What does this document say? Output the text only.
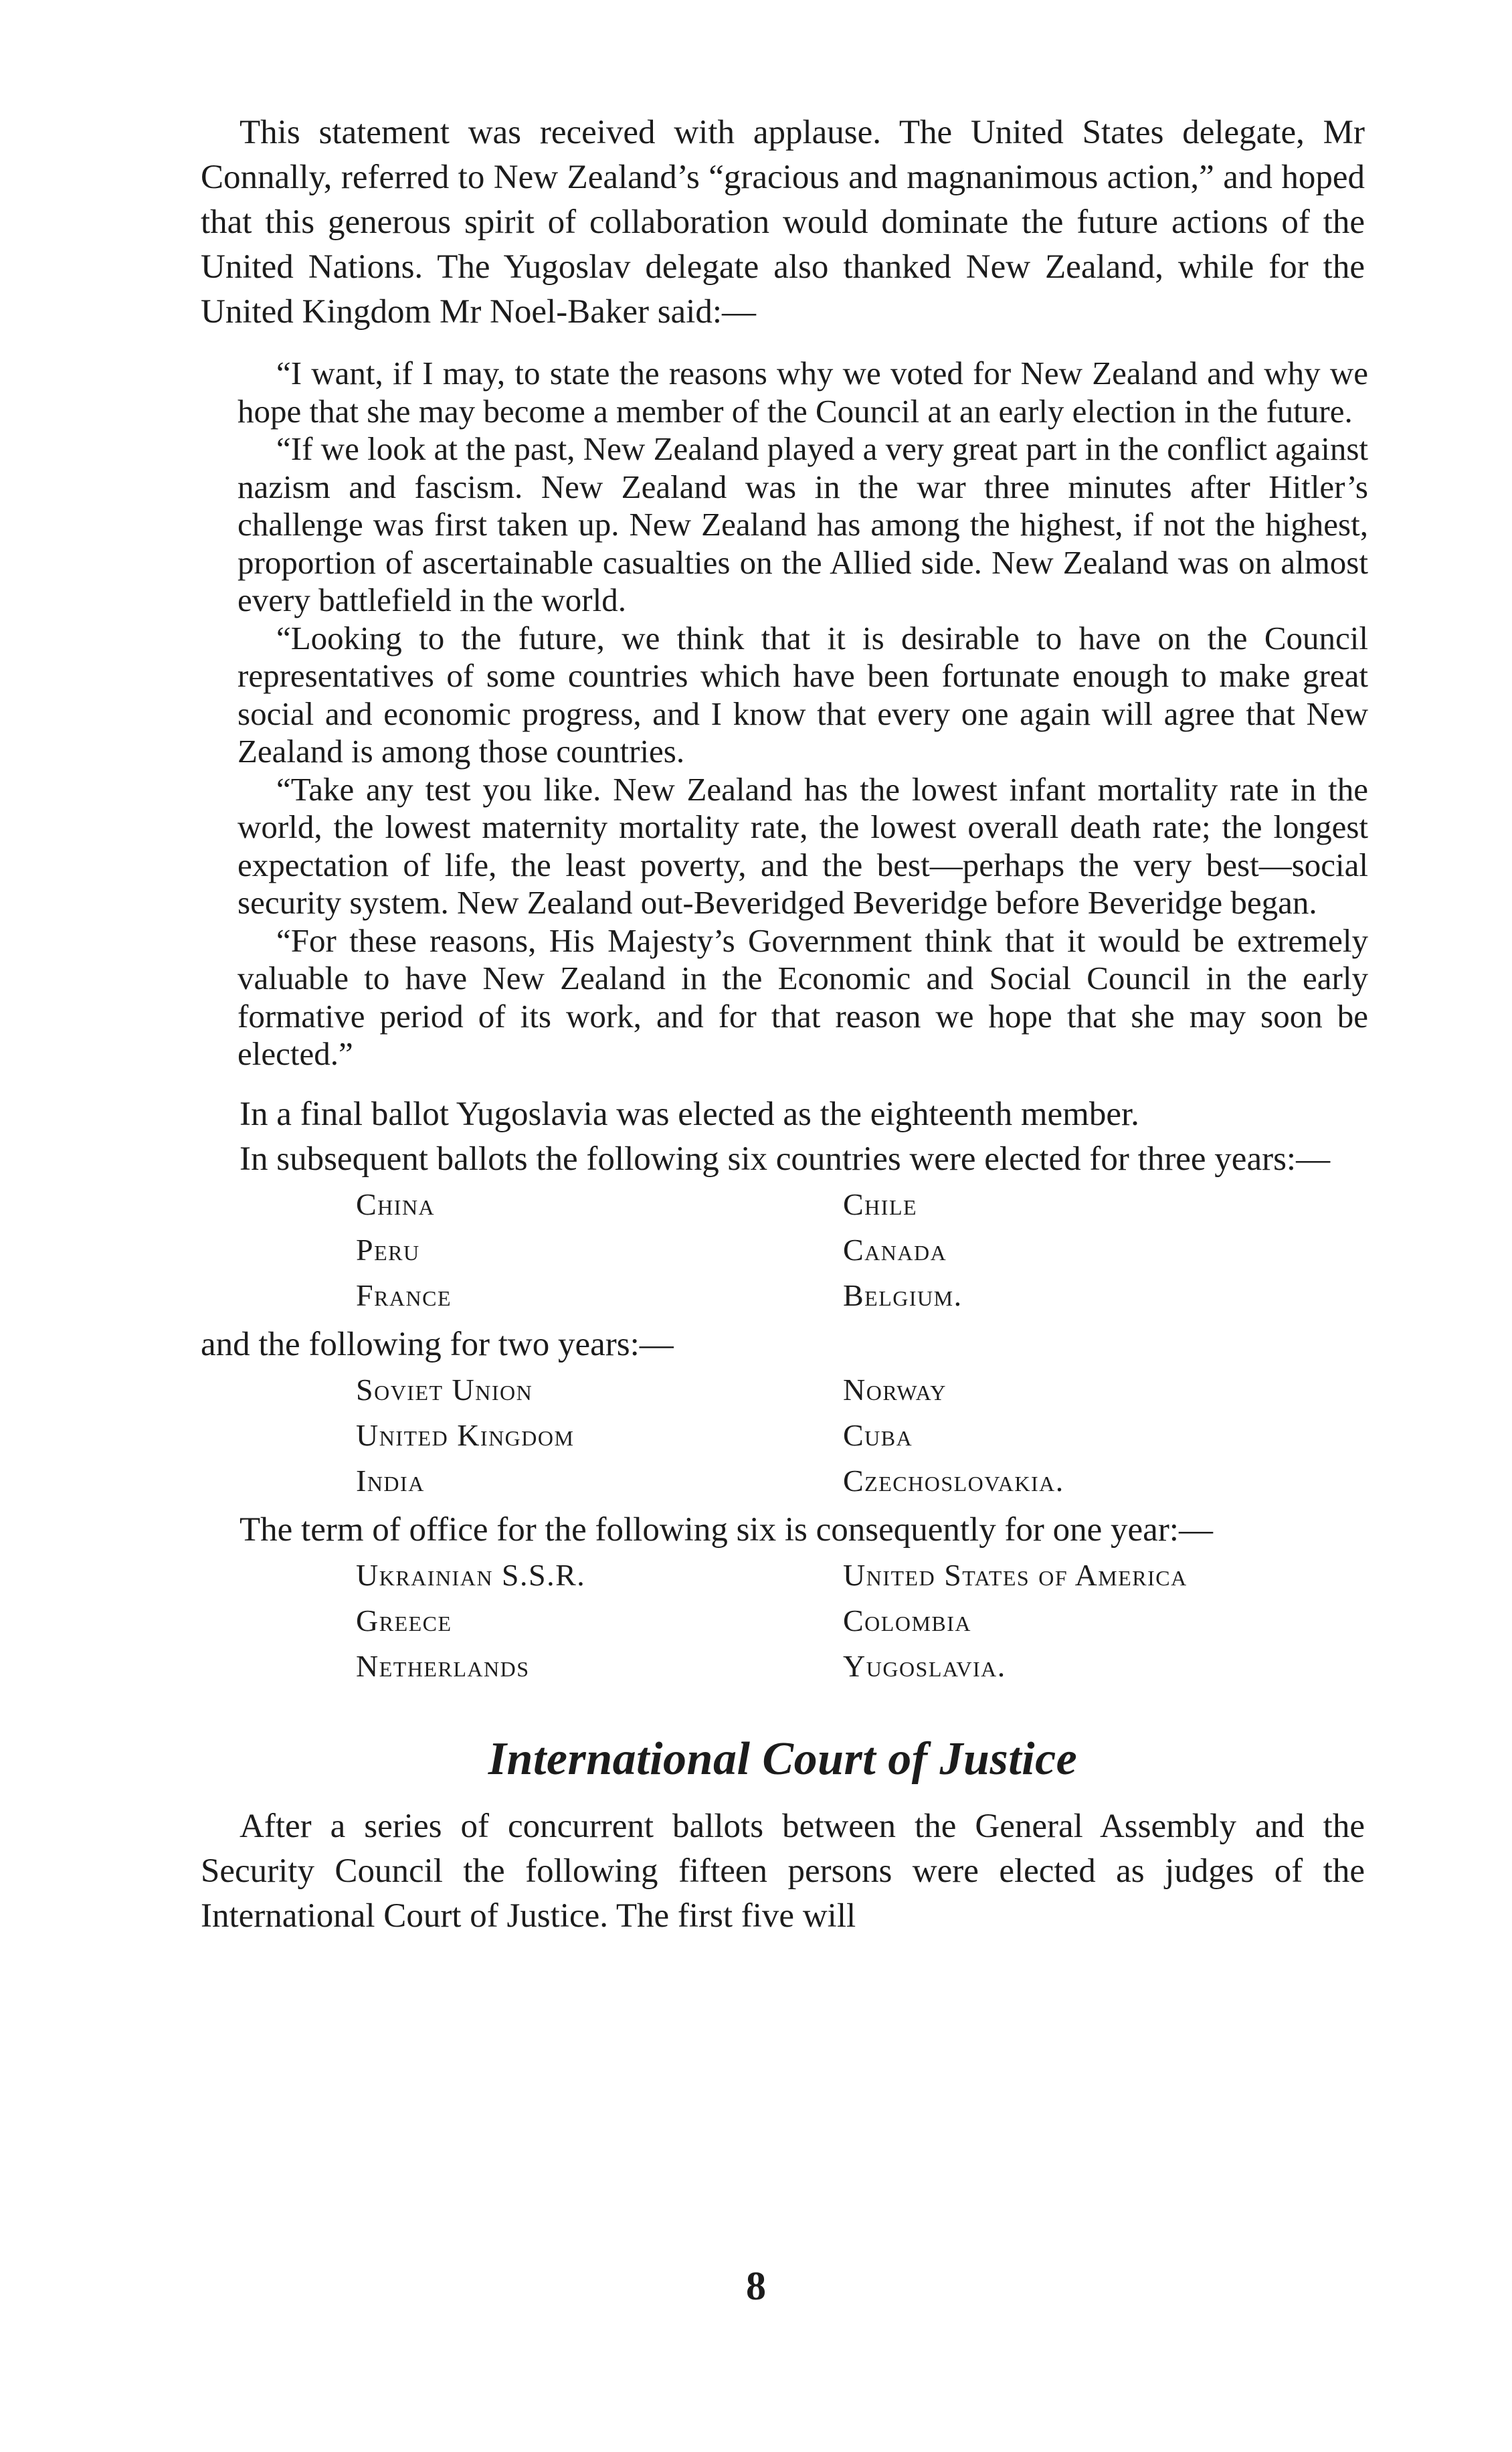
This statement was received with applause. The United States delegate, Mr Connally, referred to New Zealand’s “gracious and magnanimous action,” and hoped that this generous spirit of collaboration would dominate the future actions of the United Nations. The Yugoslav delegate also thanked New Zealand, while for the United Kingdom Mr Noel-Baker said:—

“I want, if I may, to state the reasons why we voted for New Zealand and why we hope that she may become a member of the Council at an early election in the future.

“If we look at the past, New Zealand played a very great part in the conflict against nazism and fascism. New Zealand was in the war three minutes after Hitler’s challenge was first taken up. New Zealand has among the highest, if not the highest, proportion of ascertainable casualties on the Allied side. New Zealand was on almost every battlefield in the world.

“Looking to the future, we think that it is desirable to have on the Council representatives of some countries which have been fortunate enough to make great social and economic progress, and I know that every one again will agree that New Zealand is among those countries.

“Take any test you like. New Zealand has the lowest infant mortality rate in the world, the lowest maternity mortality rate, the lowest overall death rate; the longest expectation of life, the least poverty, and the best—perhaps the very best—social security system. New Zealand out-Beveridged Beveridge before Beveridge began.

“For these reasons, His Majesty’s Government think that it would be extremely valuable to have New Zealand in the Economic and Social Council in the early formative period of its work, and for that reason we hope that she may soon be elected.”

In a final ballot Yugoslavia was elected as the eighteenth member.

In subsequent ballots the following six countries were elected for three years:—

China	Chile
Peru	Canada
France	Belgium.

and the following for two years:—

Soviet Union	Norway
United Kingdom	Cuba
India	Czechoslovakia.

The term of office for the following six is consequently for one year:—

Ukrainian S.S.R.	United States of America
Greece	Colombia
Netherlands	Yugoslavia.
International Court of Justice

After a series of concurrent ballots between the General Assembly and the Security Council the following fifteen persons were elected as judges of the International Court of Justice. The first five will

8
